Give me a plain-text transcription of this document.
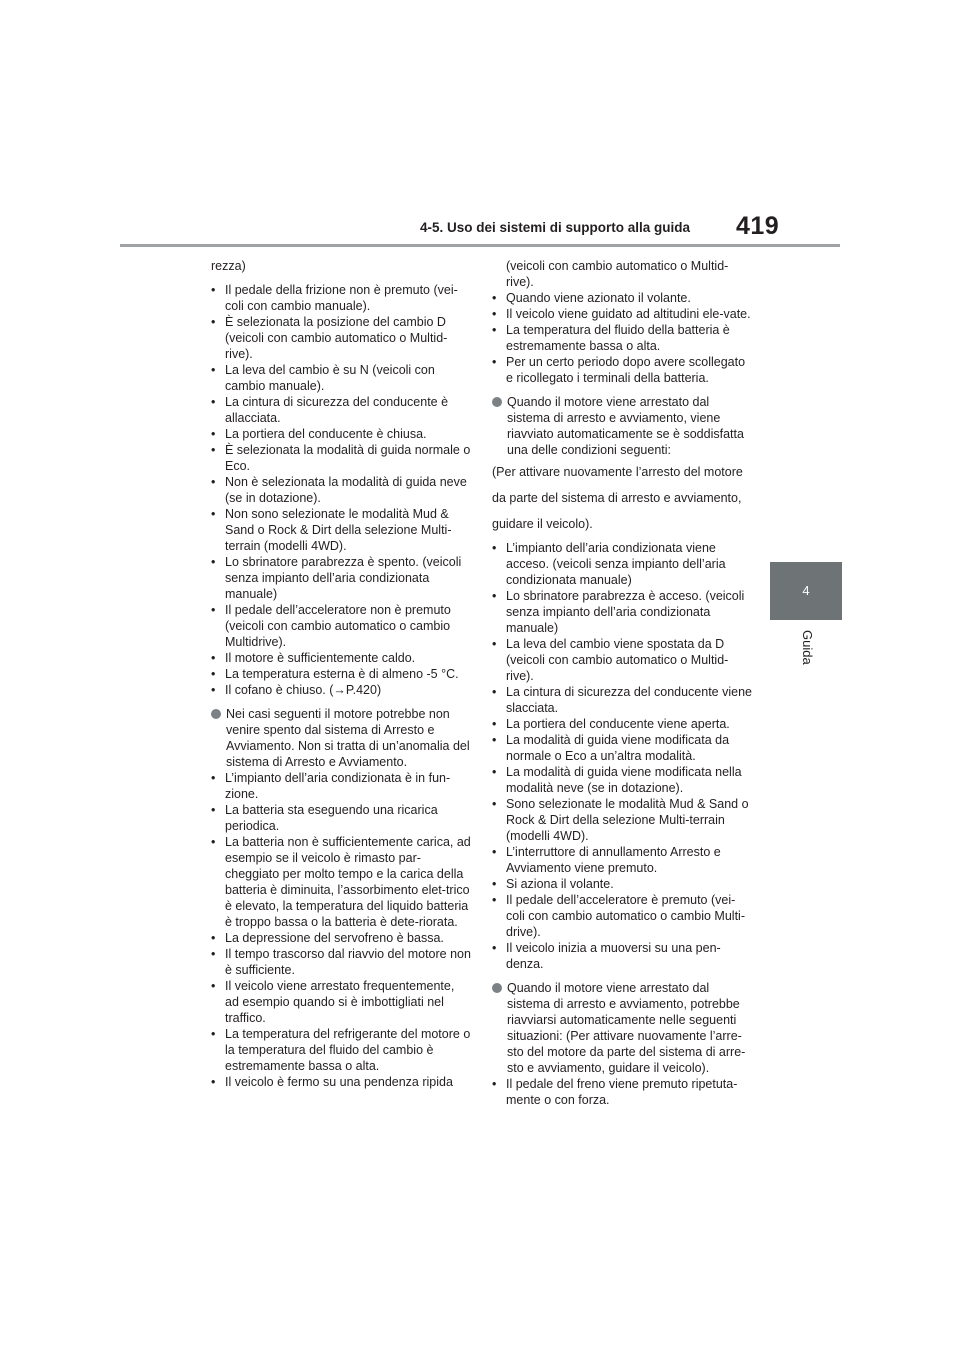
4-5. Uso dei sistemi di supporto alla guida 419
4
Guida

rezza)

• Il pedale della frizione non è premuto (vei-coli con cambio manuale).
• È selezionata la posizione del cambio D (veicoli con cambio automatico o Multid-rive).
• La leva del cambio è su N (veicoli con cambio manuale).
• La cintura di sicurezza del conducente è allacciata.
• La portiera del conducente è chiusa.
• È selezionata la modalità di guida normale o Eco.
• Non è selezionata la modalità di guida neve (se in dotazione).
• Non sono selezionate le modalità Mud & Sand o Rock & Dirt della selezione Multi-terrain (modelli 4WD).
• Lo sbrinatore parabrezza è spento. (veicoli senza impianto dell’aria condizionata manuale)
• Il pedale dell’acceleratore non è premuto (veicoli con cambio automatico o cambio Multidrive).
• Il motore è sufficientemente caldo.
• La temperatura esterna è di almeno -5 °C.
• Il cofano è chiuso. (→P.420)
Nei casi seguenti il motore potrebbe non venire spento dal sistema di Arresto e Avviamento. Non si tratta di un’anomalia del sistema di Arresto e Avviamento.
• L’impianto dell’aria condizionata è in fun-zione.
• La batteria sta eseguendo una ricarica periodica.
• La batteria non è sufficientemente carica, ad esempio se il veicolo è rimasto par-cheggiato per molto tempo e la carica della batteria è diminuita, l’assorbimento elet-trico è elevato, la temperatura del liquido batteria è troppo bassa o la batteria è dete-riorata.
• La depressione del servofreno è bassa.
• Il tempo trascorso dal riavvio del motore non è sufficiente.
• Il veicolo viene arrestato frequentemente, ad esempio quando si è imbottigliati nel traffico.
• La temperatura del refrigerante del motore o la temperatura del fluido del cambio è estremamente bassa o alta.
• Il veicolo è fermo su una pendenza ripida
(veicoli con cambio automatico o Multid-rive).
• Quando viene azionato il volante.
• Il veicolo viene guidato ad altitudini ele-vate.
• La temperatura del fluido della batteria è estremamente bassa o alta.
• Per un certo periodo dopo avere scollegato e ricollegato i terminali della batteria.
Quando il motore viene arrestato dal sistema di arresto e avviamento, viene riavviato automaticamente se è soddisfatta una delle condizioni seguenti:

(Per attivare nuovamente l’arresto del motore

da parte del sistema di arresto e avviamento,

guidare il veicolo).

• L’impianto dell’aria condizionata viene acceso. (veicoli senza impianto dell’aria condizionata manuale)
• Lo sbrinatore parabrezza è acceso. (veicoli senza impianto dell’aria condizionata manuale)
• La leva del cambio viene spostata da D (veicoli con cambio automatico o Multid-rive).
• La cintura di sicurezza del conducente viene slacciata.
• La portiera del conducente viene aperta.
• La modalità di guida viene modificata da normale o Eco a un’altra modalità.
• La modalità di guida viene modificata nella modalità neve (se in dotazione).
• Sono selezionate le modalità Mud & Sand o Rock & Dirt della selezione Multi-terrain (modelli 4WD).
• L’interruttore di annullamento Arresto e Avviamento viene premuto.
• Si aziona il volante.
• Il pedale dell’acceleratore è premuto (vei-coli con cambio automatico o cambio Multi-drive).
• Il veicolo inizia a muoversi su una pen-denza.
Quando il motore viene arrestato dal sistema di arresto e avviamento, potrebbe riavviarsi automaticamente nelle seguenti situazioni: (Per attivare nuovamente l’arre-sto del motore da parte del sistema di arre-sto e avviamento, guidare il veicolo).
• Il pedale del freno viene premuto ripetuta-mente o con forza.
